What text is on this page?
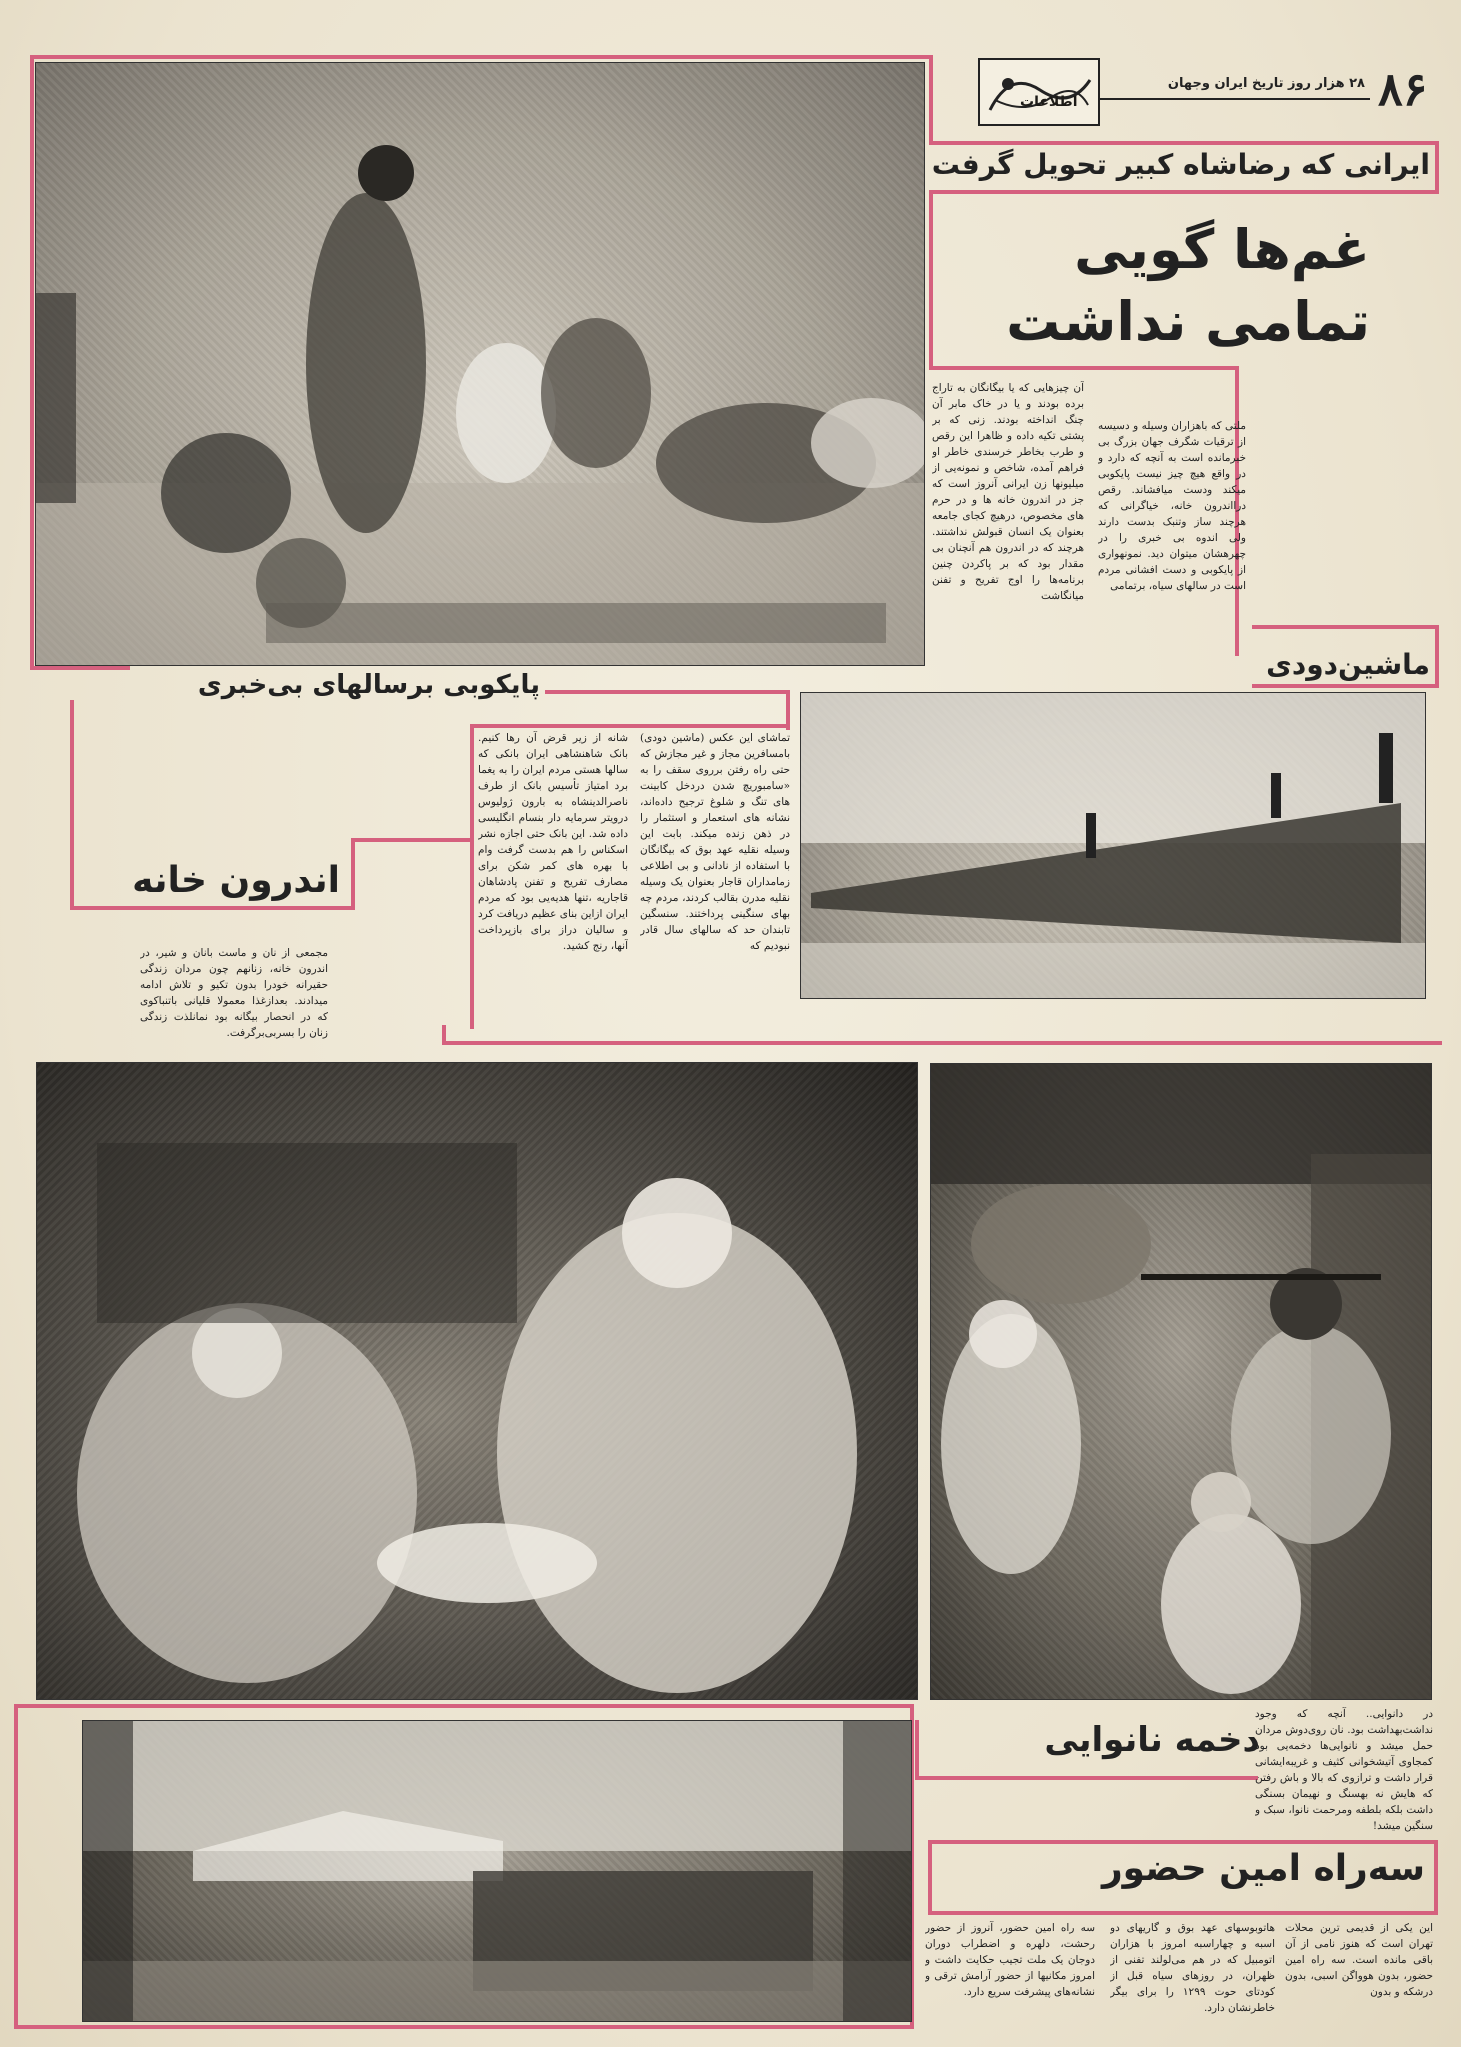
۸۶
۲۸ هزار روز تاریخ ایران وجهان
اطلاعات
ایرانی که رضاشاه کبیر تحویل گرفت
غم‌ها گویی
تمامی نداشت
ملتی که باهزاران وسیله و دسیسه از ترقیات شگرف جهان بزرگ بی خبرمانده است به آنچه که دارد و در واقع هیچ چیز نیست پایکوبی میکند ودست میافشاند. رقص درااندرون خانه، خیاگرانی که هرچند ساز وتنبک بدست دارند ولی اندوه بی خبری را در چهرهشان میتوان دید. نمونهواری از پایکوبی و دست افشانی مردم است در سالهای سیاه، برتمامی
آن چیزهایی که یا بیگانگان به تاراج برده بودند و یا در خاک مابر آن چنگ انداخته بودند. زنی که بر پشتی تکیه داده و ظاهرا این رقص و طرب بخاطر خرسندی خاطر او فراهم آمده، شاخص و نمونه‌یی از میلیونها زن ایرانی آنروز است که جز در اندرون خانه ها و در حرم های مخصوص، درهیچ کجای جامعه بعنوان یک انسان قبولش نداشتند. هرچند که در اندرون هم آنچنان بی مقدار بود که بر پاکردن چنین برنامه‌ها را اوج تفریح و تفنن میانگاشت
پایکوبی برسالهای بی‌خبری
ماشین‌دودی
تماشای این عکس (ماشین دودی) بامسافرین مجاز و غیر مجازش که حتی راه رفتن برروی سقف را به «سامبوریچ شدن دردخل کابینت های تنگ و شلوغ ترجیح داده‌اند، نشانه های استعمار و استثمار را در ذهن زنده میکند. بابت این وسیله نقلیه عهد بوق که بیگانگان با استفاده از نادانی و بی اطلاعی زمامداران قاجار بعنوان یک وسیله نقلیه مدرن بقالب کردند، مردم چه بهای سنگینی پرداختند. سنسگین تابندان حد که سالهای سال قادر نبودیم که
شانه از زیر قرض آن رها کنیم. بانک شاهنشاهی ایران بانکی که سالها هستی مردم ایران را به یغما برد امتیاز تأسیس بانک از طرف ناصرالدینشاه به بارون ژولیوس درویتر سرمایه دار بنسام انگلیسی داده شد. این بانک حتی اجازه نشر اسکناس را هم بدست گرفت وام با بهره های کمر شکن برای مصارف تفریح و تفنن پادشاهان قاجاریه ،تنها هدیه‌یی بود که مردم ایران ازاین بنای عظیم دریافت کرد و سالیان دراز برای بازپرداخت آنها، رنج کشید.
اندرون خانه
مجمعی از نان و ماست بانان و شیر، در اندرون خانه، زنانهم چون مردان زندگی حقیرانه خودرا بدون تکیو و تلاش ادامه میدادند. بعدازغذا معمولا قلیانی باتنباکوی که در انحصار بیگانه بود نمانلذت زندگی زنان را بسربی‌برگرفت.
دخمه نانوایی
در دانوایی.. آنچه که وجود نداشت‌بهداشت بود. نان روی‌دوش مردان حمل میشد و نانوایی‌ها دخمه‌یی بود کمجاوی آتیشخوانی کثیف و غریبه‌ایشانی قرار داشت و ترازوی که بالا و باش رفتن که هایش نه بهسنگ و نهیمان بسنگی داشت بلکه بلطفه ومرحمت نانوا، سبک و سنگین میشد!
سه‌راه امین حضور
این یکی از قدیمی ترین محلات تهران است که هنوز نامی از آن باقی مانده است. سه راه امین حضور، بدون هوواگن اسبی، بدون درشکه و بدون
هاتوبوسهای عهد بوق و گاریهای دو اسبه و چهاراسبه امروز با هزاران اتومبیل که در هم می‌لولند تفنی از ظهران، در روزهای سیاه قبل از کودتای حوت ۱۲۹۹ را برای بیگر خاطرنشان دارد.
سه راه امین حضور، آنروز از حضور رحشت، دلهره و اضطراب دوران دوجان یک ملت تجیب حکایت داشت و امروز مکانیها از حضور آرامش ترقی و نشانه‌های پیشرفت سریع دارد.
